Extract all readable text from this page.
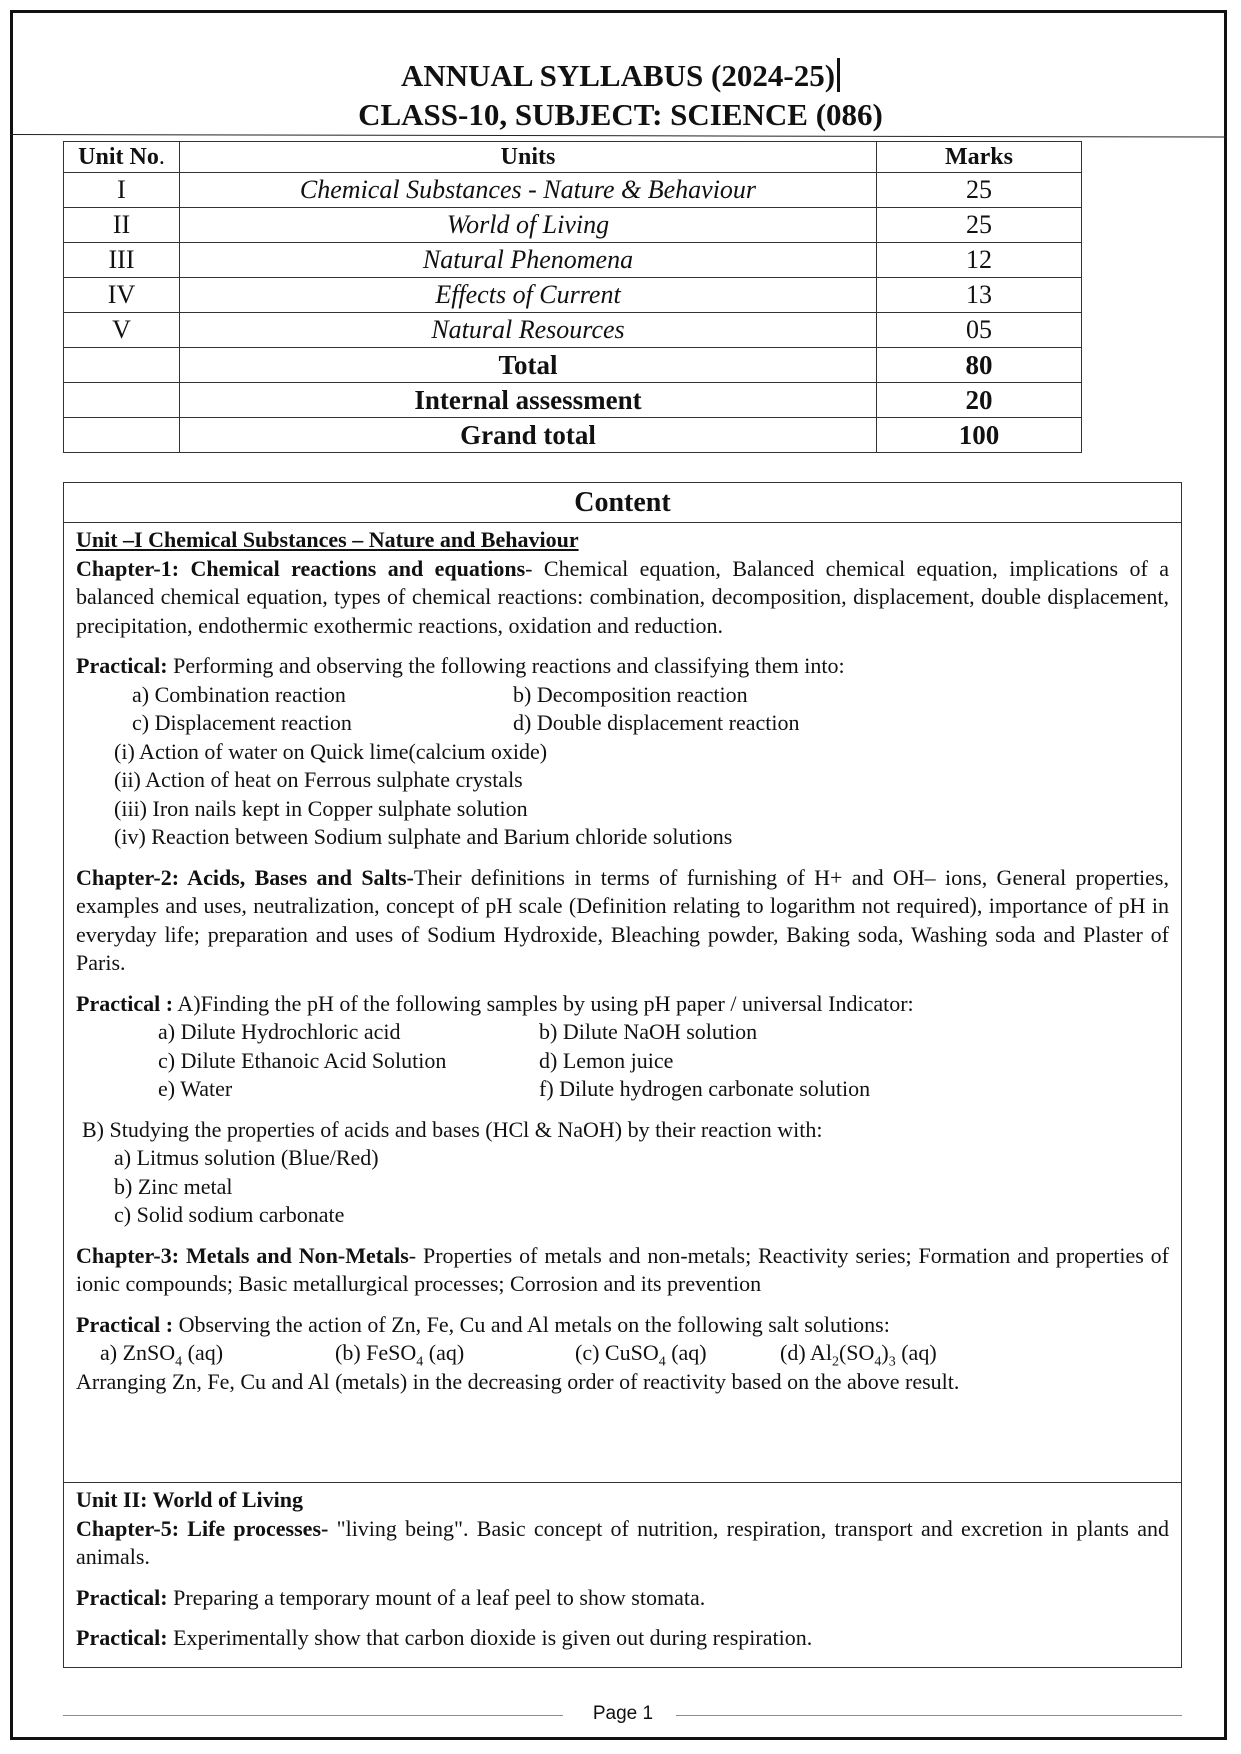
ANNUAL SYLLABUS (2024-25)
CLASS-10, SUBJECT: SCIENCE (086)
Unit No.	Units	Marks
I	Chemical Substances - Nature & Behaviour	25
II	World of Living	25
III	Natural Phenomena	12
IV	Effects of Current	13
V	Natural Resources	05
	Total	80
	Internal assessment	20
	Grand total	100
Content
Unit –I Chemical Substances – Nature and Behaviour
Chapter-1: Chemical reactions and equations- Chemical equation, Balanced chemical equation, implications of a balanced chemical equation, types of chemical reactions: combination, decomposition, displacement, double displacement, precipitation, endothermic exothermic reactions, oxidation and reduction.
Practical: Performing and observing the following reactions and classifying them into:
a) Combination reaction	b) Decomposition reaction
c) Displacement reaction	d) Double displacement reaction
(i) Action of water on Quick lime(calcium oxide)
(ii) Action of heat on Ferrous sulphate crystals
(iii) Iron nails kept in Copper sulphate solution
(iv) Reaction between Sodium sulphate and Barium chloride solutions
Chapter-2: Acids, Bases and Salts-Their definitions in terms of furnishing of H+ and OH– ions, General properties, examples and uses, neutralization, concept of pH scale (Definition relating to logarithm not required), importance of pH in everyday life; preparation and uses of Sodium Hydroxide, Bleaching powder, Baking soda, Washing soda and Plaster of Paris.
Practical : A)Finding the pH of the following samples by using pH paper / universal Indicator:
a) Dilute Hydrochloric acid	b) Dilute NaOH solution
c) Dilute Ethanoic Acid Solution	d) Lemon juice
e) Water	f) Dilute hydrogen carbonate solution
B) Studying the properties of acids and bases (HCl & NaOH) by their reaction with:
a) Litmus solution (Blue/Red)
b) Zinc metal
c) Solid sodium carbonate
Chapter-3: Metals and Non-Metals- Properties of metals and non-metals; Reactivity series; Formation and properties of ionic compounds; Basic metallurgical processes; Corrosion and its prevention
Practical : Observing the action of Zn, Fe, Cu and Al metals on the following salt solutions:
a) ZnSO$_4$ (aq)	(b) FeSO$_4$ (aq)	(c) CuSO$_4$ (aq)	(d) $Al_2(SO_4)_3$ (aq)
Arranging Zn, Fe, Cu and Al (metals) in the decreasing order of reactivity based on the above result.
Unit II: World of Living
Chapter-5: Life processes- "living being". Basic concept of nutrition, respiration, transport and excretion in plants and animals.
Practical: Preparing a temporary mount of a leaf peel to show stomata.
Practical: Experimentally show that carbon dioxide is given out during respiration.
Page 1
